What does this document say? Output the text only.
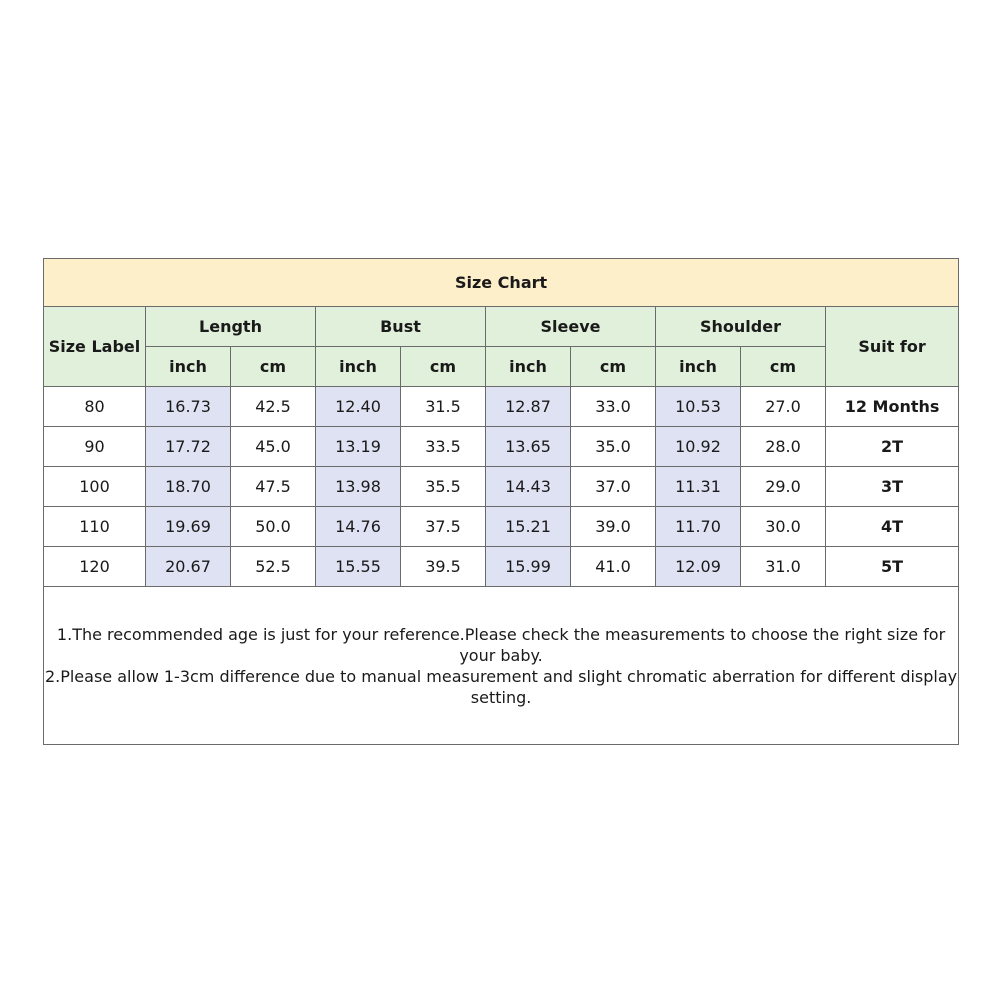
Size Chart									
Size Label	Length		Bust		Sleeve		Shoulder		Suit for
	inch	cm	inch	cm	inch	cm	inch	cm	
80	16.73	42.5	12.40	31.5	12.87	33.0	10.53	27.0	12 Months
90	17.72	45.0	13.19	33.5	13.65	35.0	10.92	28.0	2T
100	18.70	47.5	13.98	35.5	14.43	37.0	11.31	29.0	3T
110	19.69	50.0	14.76	37.5	15.21	39.0	11.70	30.0	4T
120	20.67	52.5	15.55	39.5	15.99	41.0	12.09	31.0	5T

1.The recommended age is just for your reference.Please check the measurements to choose the right size for your baby.
2.Please allow 1-3cm difference due to manual measurement and slight chromatic aberration for different display setting.									
